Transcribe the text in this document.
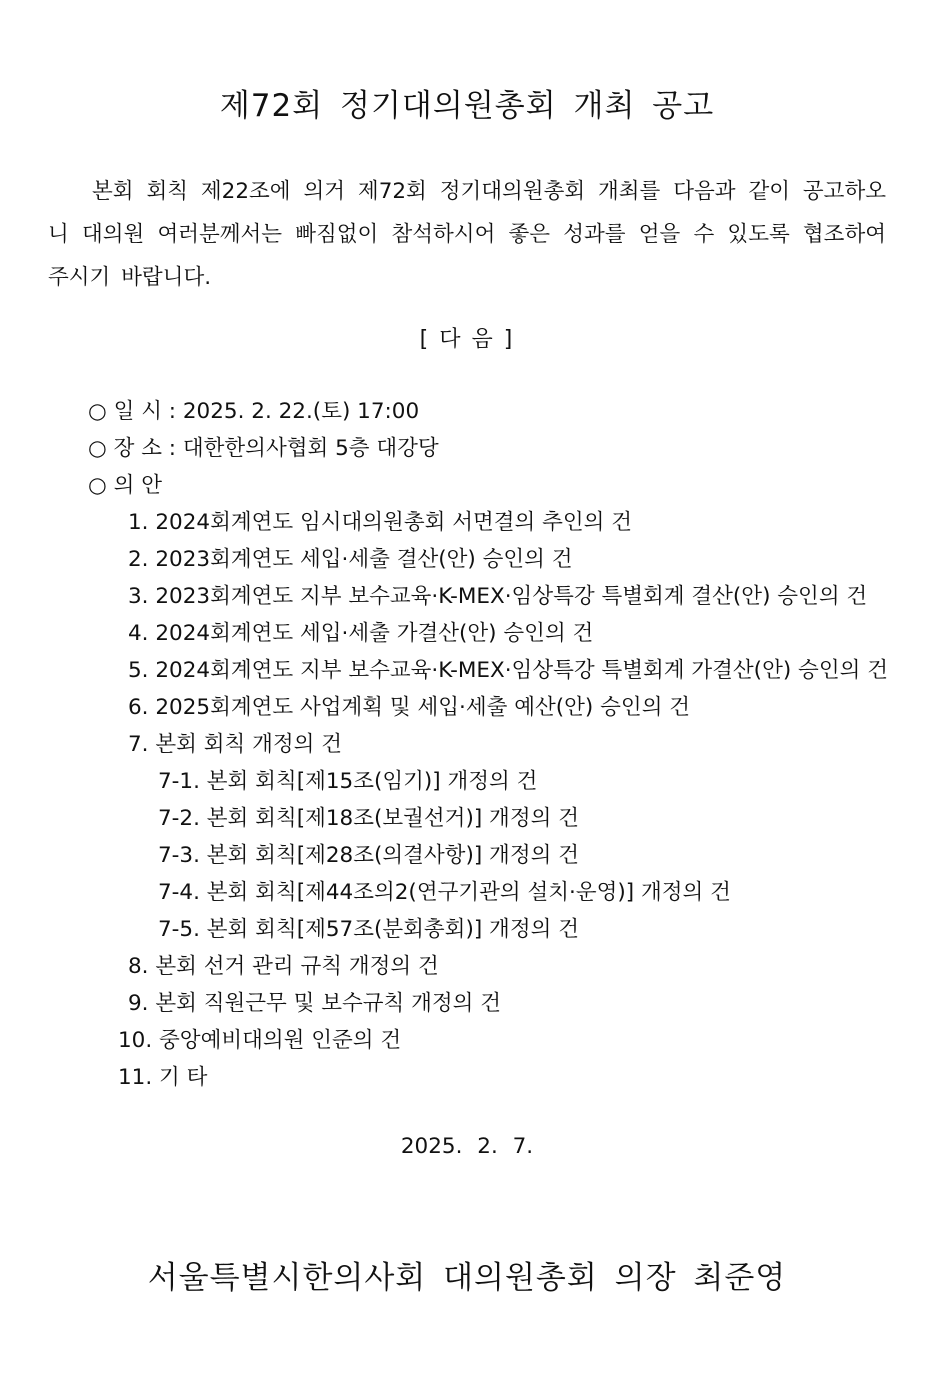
제72회 정기대의원총회 개최 공고

본회 회칙 제22조에 의거 제72회 정기대의원총회 개최를 다음과 같이 공고하오니 대의원 여러분께서는 빠짐없이 참석하시어 좋은 성과를 얻을 수 있도록 협조하여 주시기 바랍니다.

[ 다 음 ]

○ 일 시 : 2025. 2. 22.(토) 17:00
○ 장 소 : 대한한의사협회 5층 대강당
○ 의 안
1. 2024회계연도 임시대의원총회 서면결의 추인의 건
2. 2023회계연도 세입·세출 결산(안) 승인의 건
3. 2023회계연도 지부 보수교육·K-MEX·임상특강 특별회계 결산(안) 승인의 건
4. 2024회계연도 세입·세출 가결산(안) 승인의 건
5. 2024회계연도 지부 보수교육·K-MEX·임상특강 특별회계 가결산(안) 승인의 건
6. 2025회계연도 사업계획 및 세입·세출 예산(안) 승인의 건
7. 본회 회칙 개정의 건
7-1. 본회 회칙[제15조(임기)] 개정의 건
7-2. 본회 회칙[제18조(보궐선거)] 개정의 건
7-3. 본회 회칙[제28조(의결사항)] 개정의 건
7-4. 본회 회칙[제44조의2(연구기관의 설치·운영)] 개정의 건
7-5. 본회 회칙[제57조(분회총회)] 개정의 건
8. 본회 선거 관리 규칙 개정의 건
9. 본회 직원근무 및 보수규칙 개정의 건
10. 중앙예비대의원 인준의 건
11. 기 타

2025. 2. 7.

서울특별시한의사회 대의원총회 의장 최준영
